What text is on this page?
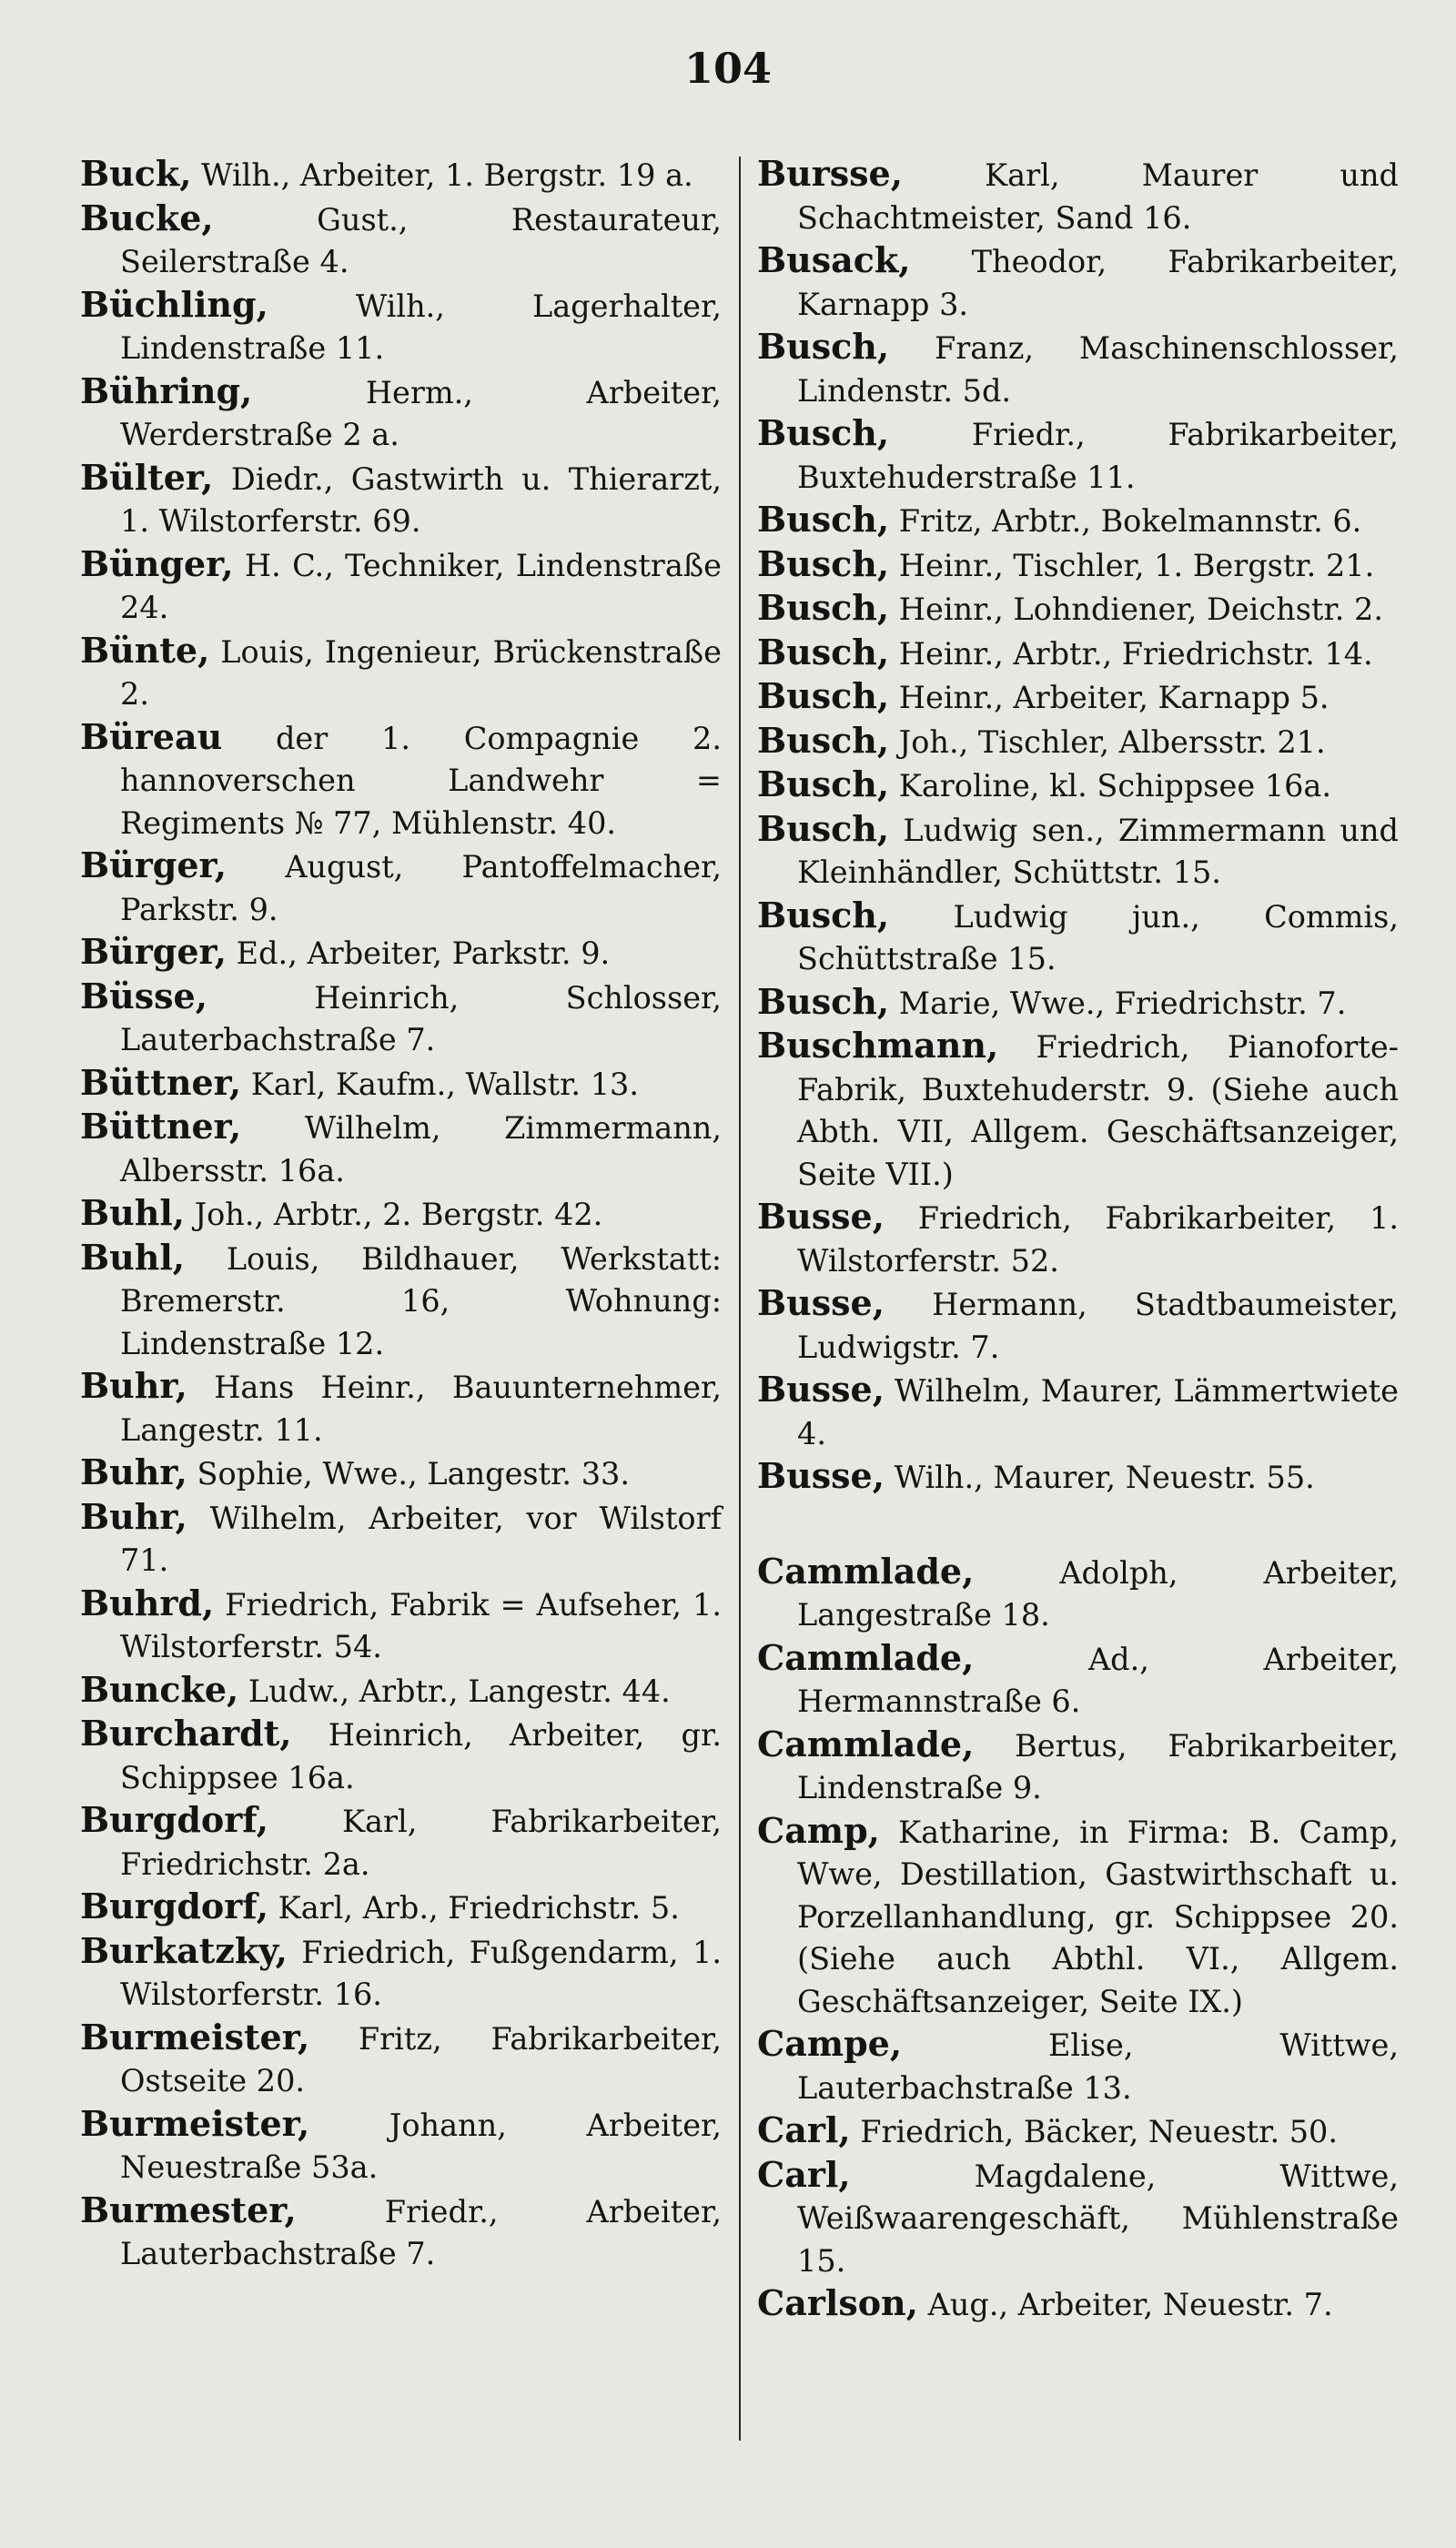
104

Buck, Wilh., Arbeiter, 1. Bergstr. 19 a.

Bucke, Gust., Restaurateur, Seilerstraße 4.

Büchling, Wilh., Lagerhalter, Lindenstraße 11.

Bühring, Herm., Arbeiter, Werderstraße 2 a.

Bülter, Diedr., Gastwirth u. Thierarzt, 1. Wilstorferstr. 69.

Bünger, H. C., Techniker, Lindenstraße 24.

Bünte, Louis, Ingenieur, Brückenstraße 2.

Büreau der 1. Compagnie 2. hannoverschen Landwehr = Regiments № 77, Mühlenstr. 40.

Bürger, August, Pantoffelmacher, Parkstr. 9.

Bürger, Ed., Arbeiter, Parkstr. 9.

Büsse, Heinrich, Schlosser, Lauterbachstraße 7.

Büttner, Karl, Kaufm., Wallstr. 13.

Büttner, Wilhelm, Zimmermann, Albersstr. 16a.

Buhl, Joh., Arbtr., 2. Bergstr. 42.

Buhl, Louis, Bildhauer, Werkstatt: Bremerstr. 16, Wohnung: Lindenstraße 12.

Buhr, Hans Heinr., Bauunternehmer, Langestr. 11.

Buhr, Sophie, Wwe., Langestr. 33.

Buhr, Wilhelm, Arbeiter, vor Wilstorf 71.

Buhrd, Friedrich, Fabrik = Aufseher, 1. Wilstorferstr. 54.

Buncke, Ludw., Arbtr., Langestr. 44.

Burchardt, Heinrich, Arbeiter, gr. Schippsee 16a.

Burgdorf, Karl, Fabrikarbeiter, Friedrichstr. 2a.

Burgdorf, Karl, Arb., Friedrichstr. 5.

Burkatzky, Friedrich, Fußgendarm, 1. Wilstorferstr. 16.

Burmeister, Fritz, Fabrikarbeiter, Ostseite 20.

Burmeister, Johann, Arbeiter, Neuestraße 53a.

Burmester, Friedr., Arbeiter, Lauterbachstraße 7.

Bursse, Karl, Maurer und Schachtmeister, Sand 16.

Busack, Theodor, Fabrikarbeiter, Karnapp 3.

Busch, Franz, Maschinenschlosser, Lindenstr. 5d.

Busch, Friedr., Fabrikarbeiter, Buxtehuderstraße 11.

Busch, Fritz, Arbtr., Bokelmannstr. 6.

Busch, Heinr., Tischler, 1. Bergstr. 21.

Busch, Heinr., Lohndiener, Deichstr. 2.

Busch, Heinr., Arbtr., Friedrichstr. 14.

Busch, Heinr., Arbeiter, Karnapp 5.

Busch, Joh., Tischler, Albersstr. 21.

Busch, Karoline, kl. Schippsee 16a.

Busch, Ludwig sen., Zimmermann und Kleinhändler, Schüttstr. 15.

Busch, Ludwig jun., Commis, Schüttstraße 15.

Busch, Marie, Wwe., Friedrichstr. 7.

Buschmann, Friedrich, Pianoforte-Fabrik, Buxtehuderstr. 9. (Siehe auch Abth. VII, Allgem. Geschäftsanzeiger, Seite VII.)

Busse, Friedrich, Fabrikarbeiter, 1. Wilstorferstr. 52.

Busse, Hermann, Stadtbaumeister, Ludwigstr. 7.

Busse, Wilhelm, Maurer, Lämmertwiete 4.

Busse, Wilh., Maurer, Neuestr. 55.

Cammlade, Adolph, Arbeiter, Langestraße 18.

Cammlade, Ad., Arbeiter, Hermannstraße 6.

Cammlade, Bertus, Fabrikarbeiter, Lindenstraße 9.

Camp, Katharine, in Firma: B. Camp, Wwe, Destillation, Gastwirthschaft u. Porzellanhandlung, gr. Schippsee 20. (Siehe auch Abthl. VI., Allgem. Geschäftsanzeiger, Seite IX.)

Campe, Elise, Wittwe, Lauterbachstraße 13.

Carl, Friedrich, Bäcker, Neuestr. 50.

Carl, Magdalene, Wittwe, Weißwaarengeschäft, Mühlenstraße 15.

Carlson, Aug., Arbeiter, Neuestr. 7.
